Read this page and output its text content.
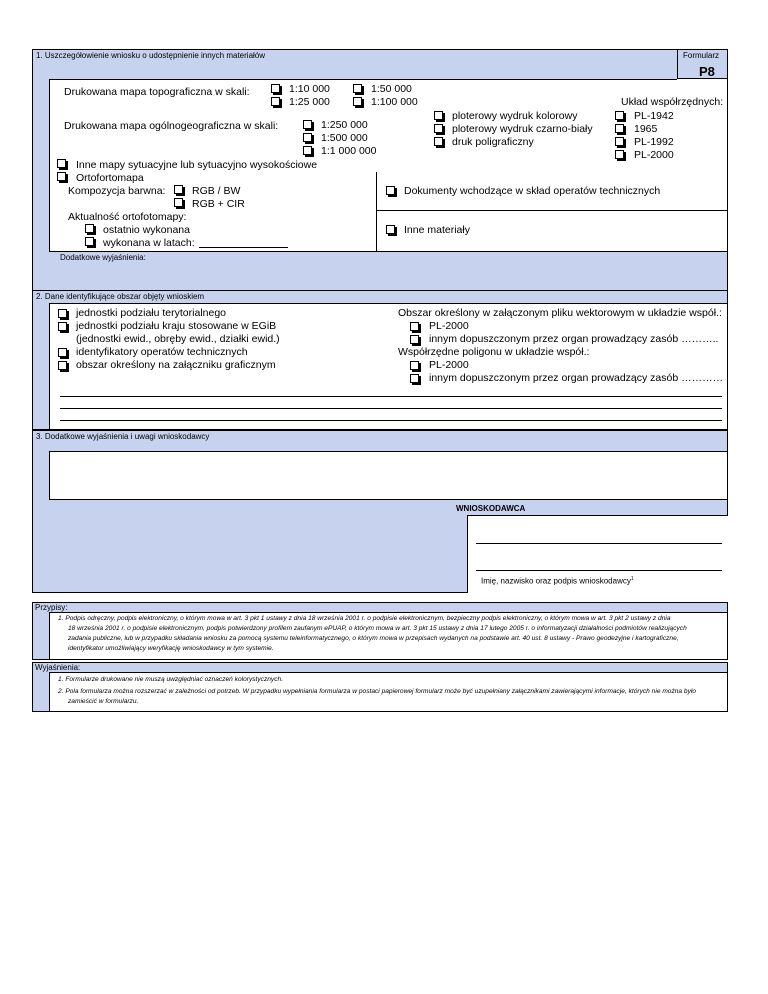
1. Uszczegółowienie wniosku o udostępnienie innych materiałów	Formularz
P8
Drukowana mapa topograficzna w skali:	1:10 000
1:25 000
1:50 000
1:100 000
Drukowana mapa ogólnogeograficzna w skali:	1:250 000
1:500 000
1:1 000 000
ploterowy wydruk kolorowy
ploterowy wydruk czarno-biały
druk poligraficzny
Układ współrzędnych:
PL-1942
1965
PL-1992
PL-2000
Inne mapy sytuacyjne lub sytuacyjno wysokościowe
Ortofortomapa
Kompozycja barwna:	RGB / BW
RGB + CIR
Aktualność ortofotomapy:
ostatnio wykonana
wykonana w latach:
Dokumenty wchodzące w skład operatów technicznych
Inne materiały
Dodatkowe wyjaśnienia:
2. Dane identyfikujące obszar objęty wnioskiem
jednostki podziału terytorialnego
jednostki podziału kraju stosowane w EGiB
(jednostki ewid., obręby ewid., działki ewid.)
identyfikatory operatów technicznych
obszar określony na załączniku graficznym
Obszar określony w załączonym pliku wektorowym w układzie współ.:
PL-2000
innym dopuszczonym przez organ prowadzący zasób ………..
Współrzędne poligonu w układzie współ.:
PL-2000
innym dopuszczonym przez organ prowadzący zasób …………
3. Dodatkowe wyjaśnienia i uwagi wnioskodawcy
WNIOSKODAWCA
Imię, nazwisko oraz podpis wnioskodawcy$^1$
Przypisy:
1. Podpis odręczny, podpis elektroniczny, o którym mowa w art. 3 pkt 1 ustawy z dnia 18 września 2001 r. o podpisie elektronicznym, bezpieczny podpis elektroniczny, o którym mowa w art. 3 pkt 2 ustawy z dnia
18 września 2001 r. o podpisie elektronicznym, podpis potwierdzony profilem zaufanym ePUAP, o którym mowa w art. 3 pkt 15 ustawy z dnia 17 lutego 2005 r. o informatyzacji działalności podmiotów realizujących
zadania publiczne, lub w przypadku składania wniosku za pomocą systemu teleinformatycznego, o którym mowa w przepisach wydanych na podstawie art. 40 ust. 8 ustawy - Prawo geodezyjne i kartograficzne,
identyfikator umożliwiający weryfikację wnioskodawcy w tym systemie.
Wyjaśnienia:
1. Formularze drukowane nie muszą uwzględniać oznaczeń kolorystycznych.
2. Pola formularza można rozszerzać w zależności od potrzeb. W przypadku wypełniania formularza w postaci papierowej formularz może być uzupełniany załącznikami zawierającymi informacje, których nie można było
zamieścić w formularzu.
